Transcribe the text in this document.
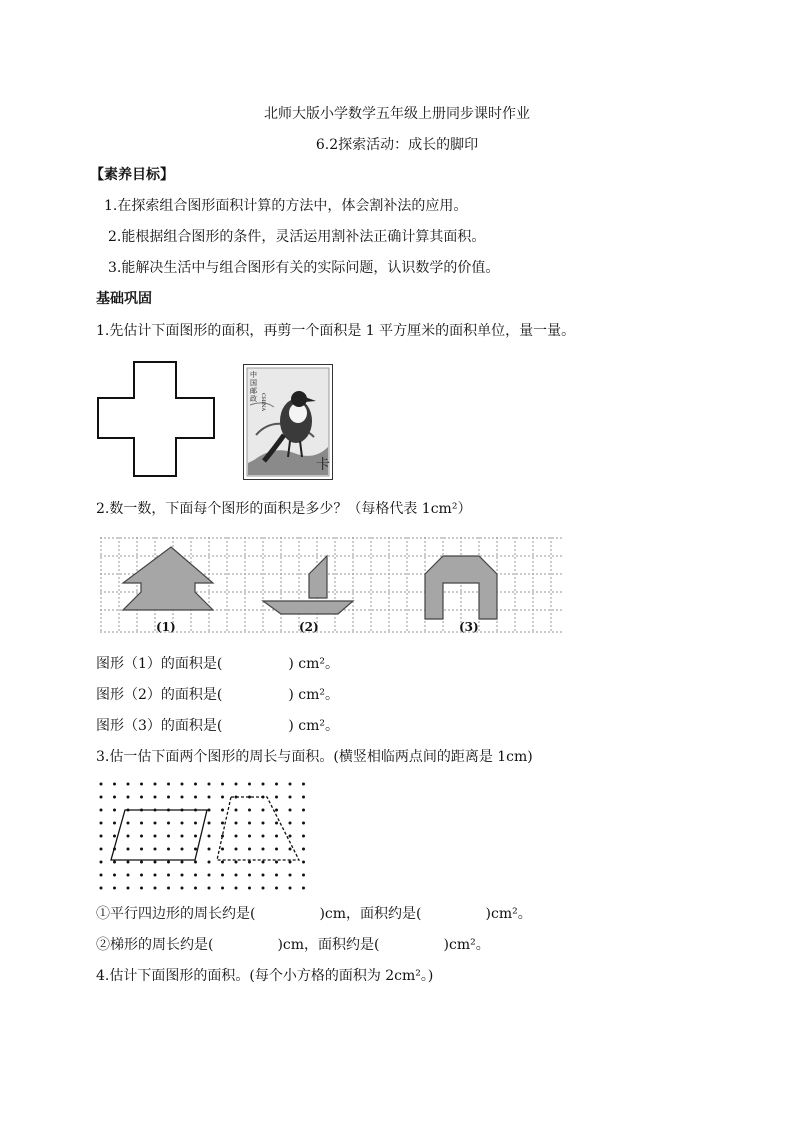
北师大版小学数学五年级上册同步课时作业
6.2探索活动：成长的脚印
【素养目标】
1.在探索组合图形面积计算的方法中，体会割补法的应用。
2.能根据组合图形的条件，灵活运用割补法正确计算其面积。
3.能解决生活中与组合图形有关的实际问题，认识数学的价值。
基础巩固
1.先估计下面图形的面积，再剪一个面积是 1 平方厘米的面积单位，量一量。
卡
中国邮政 CHINA
2.数一数，下面每个图形的面积是多少？（每格代表 1cm²）
(1)	(2)	(3)
图形（1）的面积是(	) cm²。
图形（2）的面积是(	) cm²。
图形（3）的面积是(	) cm²。
3.估一估下面两个图形的周长与面积。(横竖相临两点间的距离是 1cm)
①平行四边形的周长约是(	)cm，面积约是(	)cm²。
②梯形的周长约是(	)cm，面积约是(	)cm²。
4.估计下面图形的面积。(每个小方格的面积为 2cm²。)
